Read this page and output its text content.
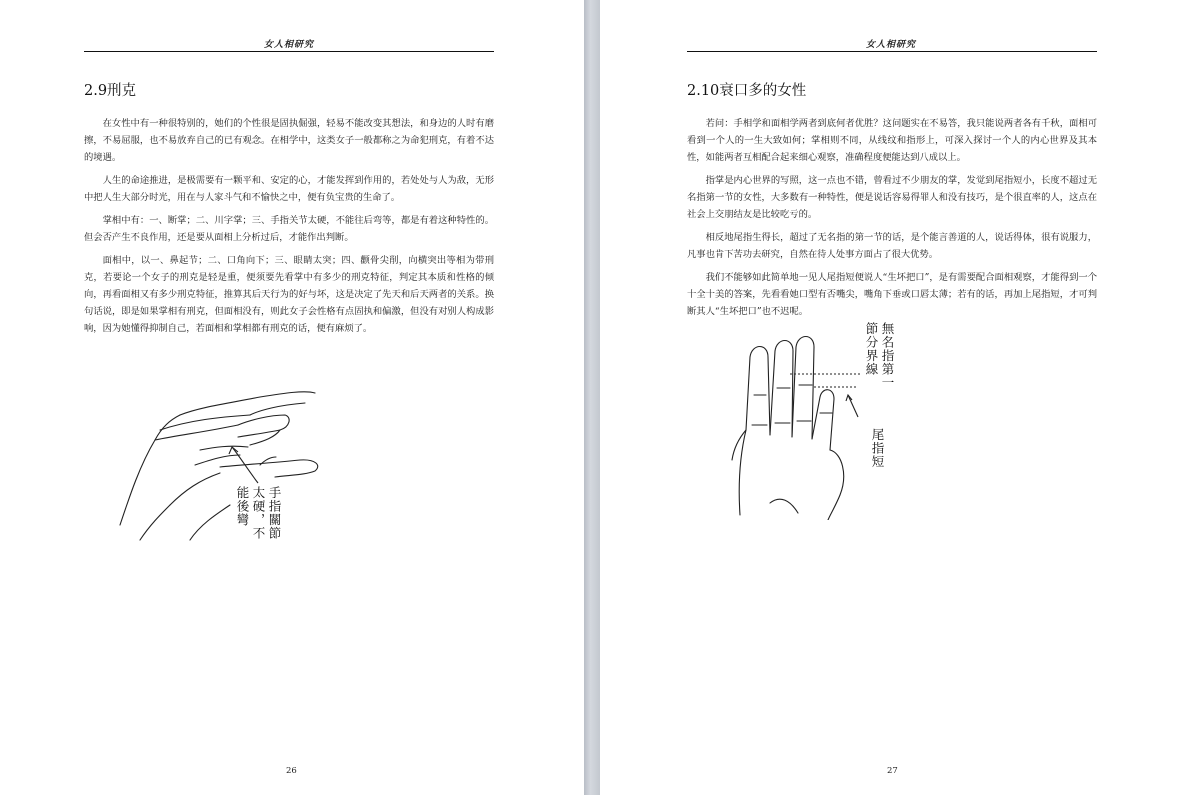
女人相研究
2.9刑克

在女性中有一种很特别的，她们的个性很是固执倔强，轻易不能改变其想法，和身边的人时有磨擦，不易屈服，也不易放弃自己的已有观念。在相学中，这类女子一般都称之为命犯刑克，有着不达的境遇。

人生的命途推进，是极需要有一颗平和、安定的心，才能发挥到作用的，若处处与人为敌，无形中把人生大部分时光，用在与人家斗气和不愉快之中，便有负宝贵的生命了。

掌相中有：一、断掌；二、川字掌；三、手指关节太硬，不能往后弯等，都是有着这种特性的。但会否产生不良作用，还是要从面相上分析过后，才能作出判断。

面相中，以一、鼻起节；二、口角向下；三、眼睛太突；四、颧骨尖削，向横突出等相为带刑克，若要论一个女子的刑克是轻是重，便须要先看掌中有多少的刑克特征，判定其本质和性格的倾向，再看面相又有多少刑克特征，推算其后天行为的好与坏，这是决定了先天和后天两者的关系。换句话说，即是如果掌相有刑克，但面相没有，则此女子会性格有点固执和偏激，但没有对别人构成影响，因为她懂得抑制自己，若面相和掌相都有刑克的话，便有麻烦了。

手指關節
太硬，不
能後彎
26
女人相研究
2.10衰口多的女性

若问：手相学和面相学两者到底何者优胜？这问题实在不易答，我只能说两者各有千秋，面相可看到一个人的一生大致如何；掌相则不同，从线纹和指形上，可深入探讨一个人的内心世界及其本性，如能两者互相配合起来细心观察，准确程度便能达到八成以上。

指掌是内心世界的写照，这一点也不错，曾看过不少朋友的掌，发觉到尾指短小，长度不超过无名指第一节的女性，大多数有一种特性，便是说话容易得罪人和没有技巧，是个很直率的人，这点在社会上交朋结友是比较吃亏的。

相反地尾指生得长，超过了无名指的第一节的话，是个能言善道的人，说话得体，很有说服力，凡事也肯下苦功去研究，自然在待人处事方面占了很大优势。

我们不能够如此简单地一见人尾指短便说人“生坏把口”，是有需要配合面相观察，才能得到一个十全十美的答案，先看看她口型有否嘴尖，嘴角下垂或口唇太薄；若有的话，再加上尾指短，才可判断其人“生坏把口”也不迟呢。

無名指第一
節分界線
尾指短
27
